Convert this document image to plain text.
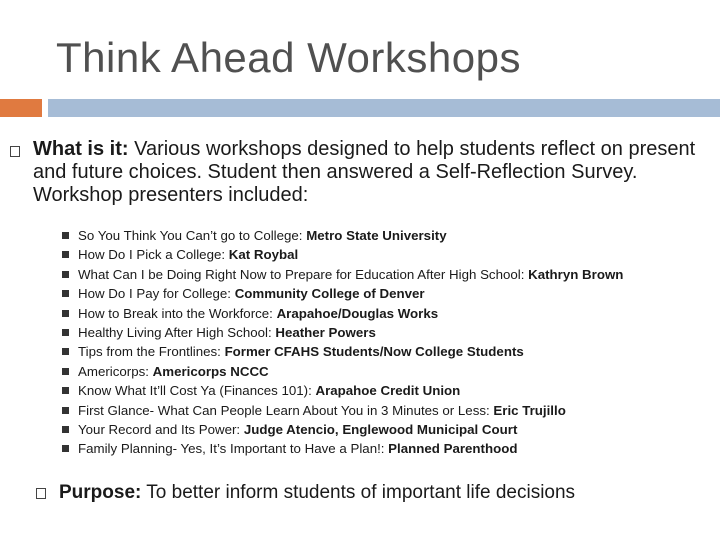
Think Ahead Workshops
What is it: Various workshops designed to help students reflect on present and future choices. Student then answered a Self-Reflection Survey. Workshop presenters included:
So You Think You Can’t go to College: Metro State University
How Do I Pick a College: Kat Roybal
What Can I be Doing Right Now to Prepare for Education After High School: Kathryn Brown
How Do I Pay for College: Community College of Denver
How to Break into the Workforce: Arapahoe/Douglas Works
Healthy Living After High School: Heather Powers
Tips from the Frontlines: Former CFAHS Students/Now College Students
Americorps: Americorps NCCC
Know What It’ll Cost Ya (Finances 101): Arapahoe Credit Union
First Glance- What Can People Learn About You in 3 Minutes or Less: Eric Trujillo
Your Record and Its Power: Judge Atencio, Englewood Municipal Court
Family Planning- Yes, It’s Important to Have a Plan!: Planned Parenthood
Purpose: To better inform students of important life decisions
